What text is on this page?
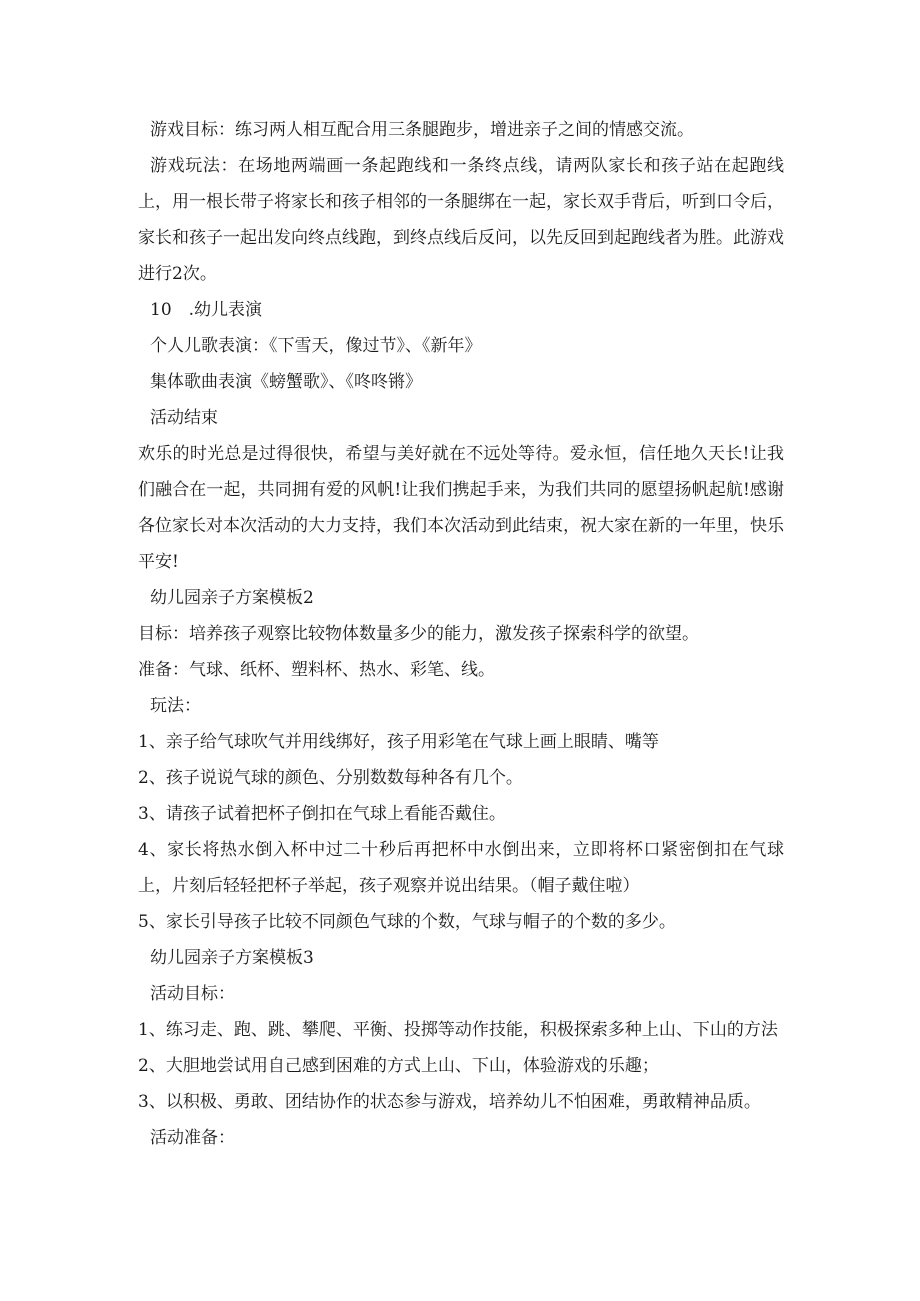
游戏目标：练习两人相互配合用三条腿跑步，增进亲子之间的情感交流。

游戏玩法：在场地两端画一条起跑线和一条终点线，请两队家长和孩子站在起跑线上，用一根长带子将家长和孩子相邻的一条腿绑在一起，家长双手背后，听到口令后，家长和孩子一起出发向终点线跑，到终点线后反问，以先反回到起跑线者为胜。此游戏进行2次。

10　.幼儿表演

个人儿歌表演：《下雪天，像过节》、《新年》

集体歌曲表演《螃蟹歌》、《咚咚锵》

活动结束

欢乐的时光总是过得很快，希望与美好就在不远处等待。爱永恒，信任地久天长!让我们融合在一起，共同拥有爱的风帆!让我们携起手来，为我们共同的愿望扬帆起航!感谢各位家长对本次活动的大力支持，我们本次活动到此结束，祝大家在新的一年里，快乐平安!

幼儿园亲子方案模板2

目标：培养孩子观察比较物体数量多少的能力，激发孩子探索科学的欲望。

准备：气球、纸杯、塑料杯、热水、彩笔、线。

玩法：

1、亲子给气球吹气并用线绑好，孩子用彩笔在气球上画上眼睛、嘴等

2、孩子说说气球的颜色、分别数数每种各有几个。

3、请孩子试着把杯子倒扣在气球上看能否戴住。

4、家长将热水倒入杯中过二十秒后再把杯中水倒出来，立即将杯口紧密倒扣在气球上，片刻后轻轻把杯子举起，孩子观察并说出结果。（帽子戴住啦）

5、家长引导孩子比较不同颜色气球的个数，气球与帽子的个数的多少。

幼儿园亲子方案模板3

活动目标：

1、练习走、跑、跳、攀爬、平衡、投掷等动作技能，积极探索多种上山、下山的方法

2、大胆地尝试用自己感到困难的方式上山、下山，体验游戏的乐趣；

3、以积极、勇敢、团结协作的状态参与游戏，培养幼儿不怕困难，勇敢精神品质。

活动准备：
